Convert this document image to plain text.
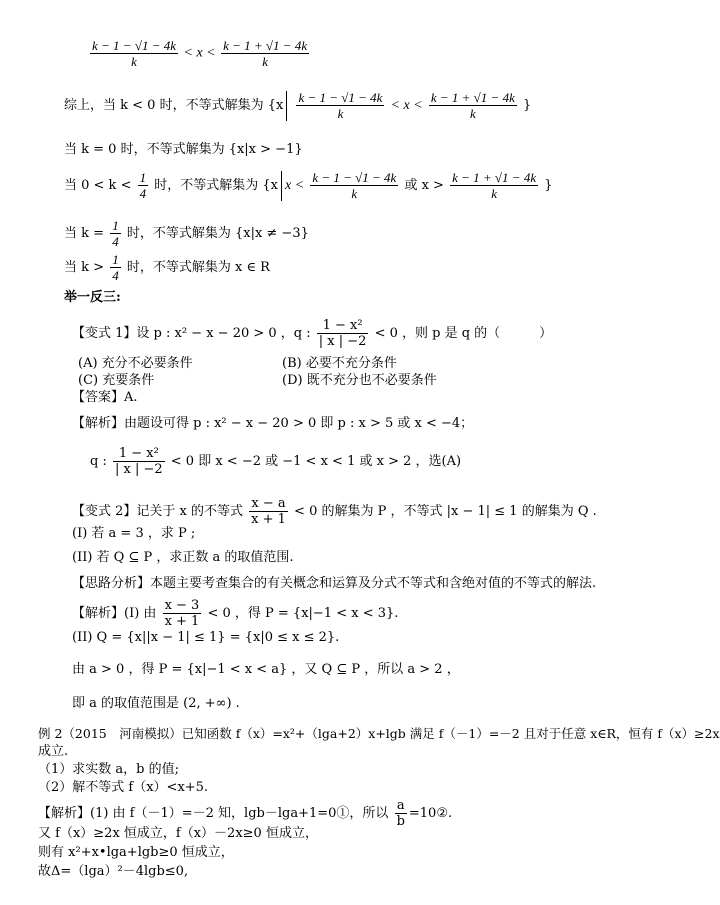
$\frac{k - 1 - √1 - 4k}{k} < x < \frac{k - 1 + √1 - 4k}{k}$
综上，当 k < 0 时，不等式解集为 {$x \frac{k - 1 - √1 - 4k}{k} < x < \frac{k - 1 + √1 - 4k}{k}$ }
当 k = 0 时，不等式解集为 {x|x > −1}
当 $0 < k < \frac{1}{4}$ 时，不等式解集为 {x $x < \frac{k - 1 - √1 - 4k}{k}$ 或 $x > \frac{k - 1 + √1 - 4k}{k}$ }
当 $k = \frac{1}{4}$ 时，不等式解集为 {x|x ≠ −3}
当 $k > \frac{1}{4}$ 时，不等式解集为 x ∈ R
举一反三:
【变式 1】设 p : x² − x − 20 > 0 ，q : $\frac{\text{1 − x²}}{| x | -2} < 0$ ，则 p 是 q 的（　　　）
(A) 充分不必要条件	(B) 必要不充分条件
(C) 充要条件	(D) 既不充分也不必要条件
【答案】A.
【解析】由题设可得 p : x² − x − 20 > 0 即 p : x > 5 或 x < −4；
q : $\frac{\text{1 − x²}}{| x | -2} < 0$ 即 x < −2 或 −1 < x < 1 或 x > 2 ，选(A)
【变式 2】记关于 x 的不等式 $\frac{x - a}{x + 1} < 0$ 的解集为 P ，不等式 |x − 1| ≤ 1 的解集为 Q .
(I) 若 a = 3 ，求 P ;
(II) 若 Q ⊆ P ，求正数 a 的取值范围.
【思路分析】本题主要考查集合的有关概念和运算及分式不等式和含绝对值的不等式的解法.
【解析】(I) 由 $\frac{x - 3}{x + 1} < 0$ ，得 P = {x|−1 < x < 3}.
(II) Q = {x||x − 1| ≤ 1} = {x|0 ≤ x ≤ 2}.
由 a > 0 ，得 P = {x|−1 < x < a} ，又 Q ⊆ P ，所以 a > 2 ，
即 a 的取值范围是 (2, +∞) .
例 2（2015　河南模拟）已知函数 f（x）=x²+（lga+2）x+lgb 满足 f（－1）=－2 且对于任意 x∈R，恒有 f（x）≥2x
成立.
（1）求实数 a，b 的值;
（2）解不等式 f（x）<x+5.
【解析】(1) 由 f（－1）=－2 知，lgb－lga+1=0①，所以 $\frac{a}{b}$ =10②.
又 f（x）≥2x 恒成立，f（x）－2x≥0 恒成立，
则有 x²+x•lga+lgb≥0 恒成立，
故Δ=（lga）²－4lgb≤0,
